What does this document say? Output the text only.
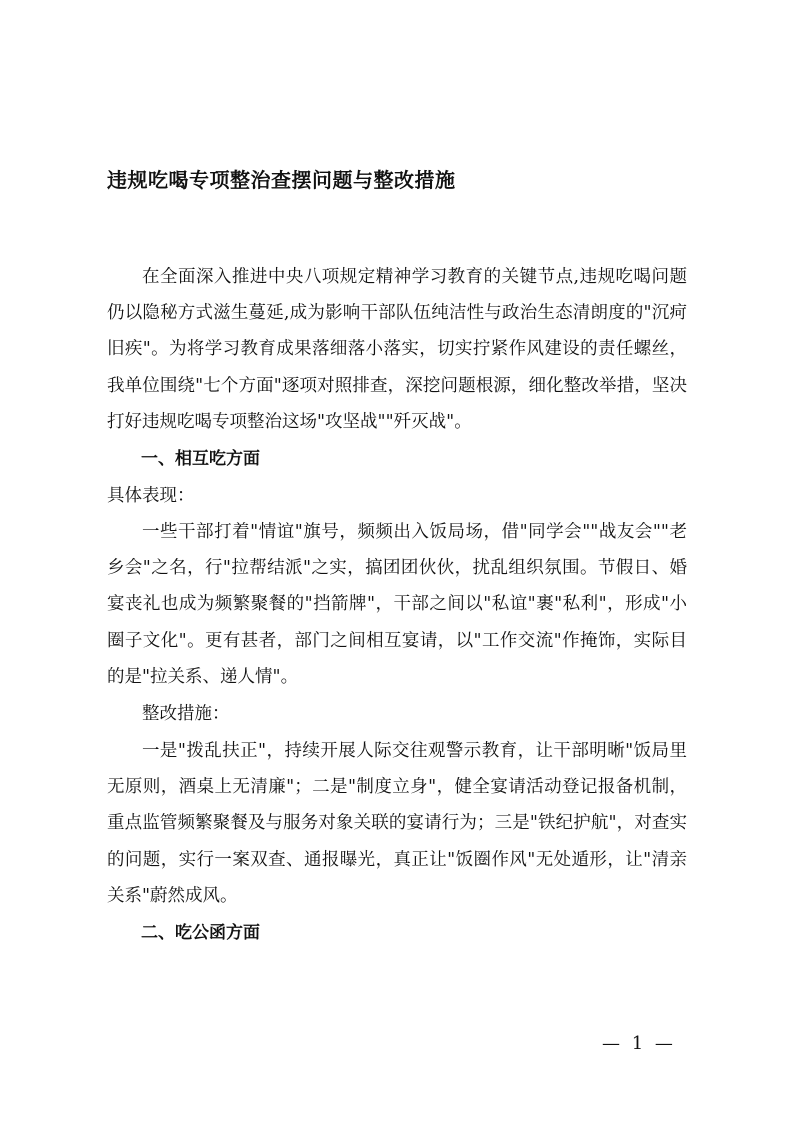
违规吃喝专项整治查摆问题与整改措施

在全面深入推进中央八项规定精神学习教育的关键节点,违规吃喝问题仍以隐秘方式滋生蔓延,成为影响干部队伍纯洁性与政治生态清朗度的"沉疴旧疾"。为将学习教育成果落细落小落实，切实拧紧作风建设的责任螺丝，我单位围绕"七个方面"逐项对照排查，深挖问题根源，细化整改举措，坚决打好违规吃喝专项整治这场"攻坚战""歼灭战"。

一、相互吃方面

具体表现：

一些干部打着"情谊"旗号，频频出入饭局场，借"同学会""战友会""老乡会"之名，行"拉帮结派"之实，搞团团伙伙，扰乱组织氛围。节假日、婚宴丧礼也成为频繁聚餐的"挡箭牌"，干部之间以"私谊"裹"私利"，形成"小圈子文化"。更有甚者，部门之间相互宴请，以"工作交流"作掩饰，实际目的是"拉关系、递人情"。

整改措施：

一是"拨乱扶正"，持续开展人际交往观警示教育，让干部明晰"饭局里无原则，酒桌上无清廉"；二是"制度立身"，健全宴请活动登记报备机制，重点监管频繁聚餐及与服务对象关联的宴请行为；三是"铁纪护航"，对查实的问题，实行一案双查、通报曝光，真正让"饭圈作风"无处遁形，让"清亲关系"蔚然成风。

二、吃公函方面

— 1 —
